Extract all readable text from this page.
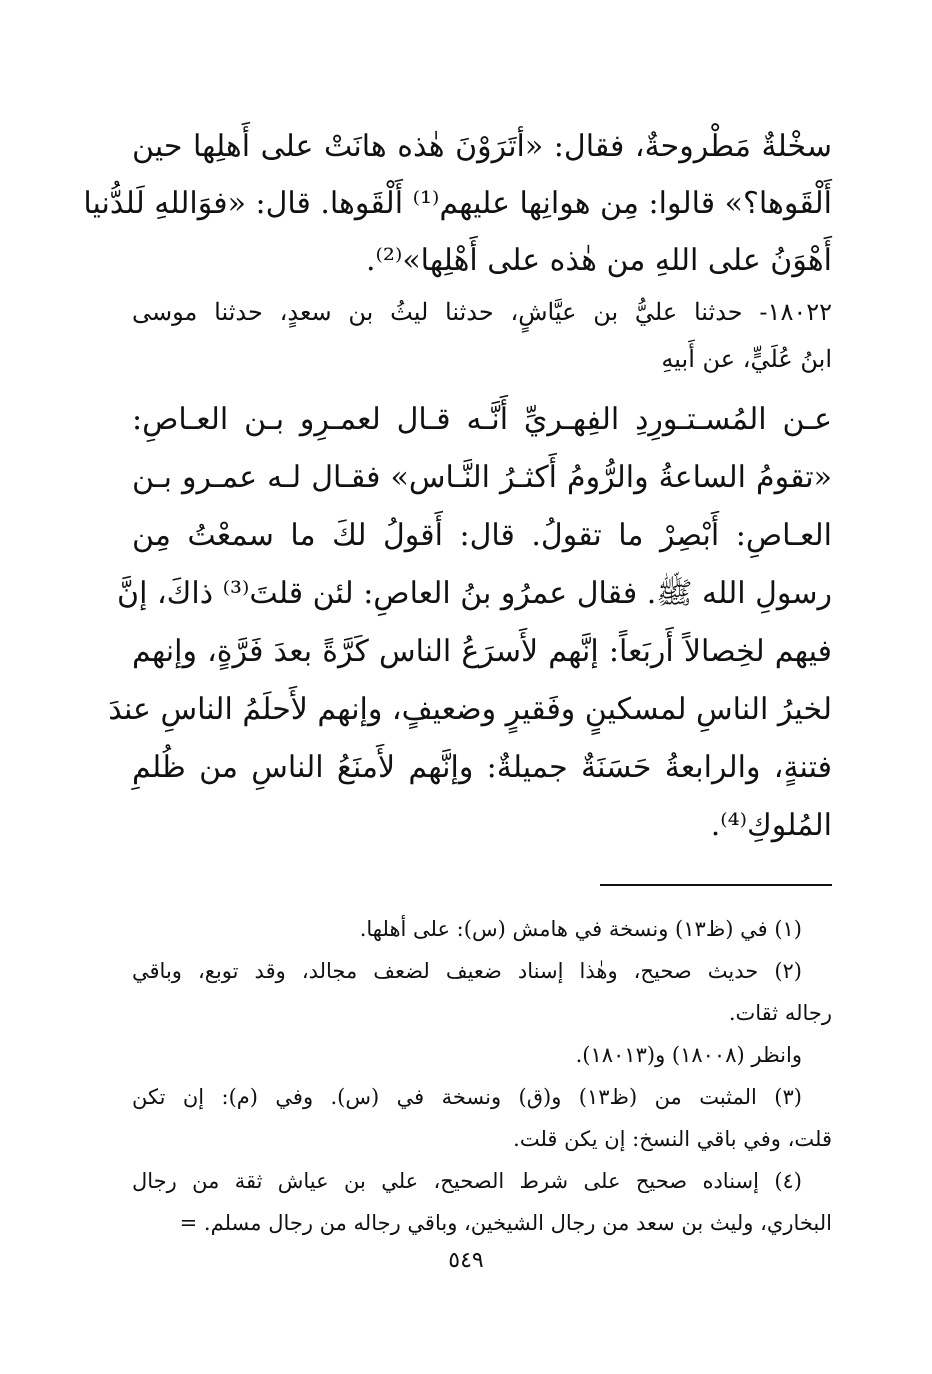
سخْلةٌ مَطْروحةٌ، فقال: «أتَرَوْنَ هٰذه هانَتْ على أَهلِها حين
أَلْقَوها؟» قالوا: مِن هوانِها عليهم⁽¹⁾ أَلْقَوها. قال: «فوَاللهِ لَلدُّنيا
أَهْوَنُ على اللهِ من هٰذه على أَهْلِها»⁽²⁾.
١٨٠٢٢- حدثنا عليُّ بن عيَّاشٍ، حدثنا ليثُ بن سعدٍ، حدثنا موسى
ابنُ عُلَيٍّ، عن أَبيهِ
عـن المُسـتـورِدِ الفِهـريِّ أَنَّـه قـال لعمـرِو بـن العـاصِ:
«تقومُ الساعةُ والرُّومُ أَكثـرُ النَّـاس» فقـال لـه عمـرو بـن
العـاصِ: أَبْصِرْ ما تقولُ. قال: أَقولُ لكَ ما سمعْتُ مِن
رسولِ الله ﷺ. فقال عمرُو بنُ العاصِ: لئن قلتَ⁽³⁾ ذاكَ، إنَّ
فيهم لخِصالاً أَربَعاً: إنَّهم لأَسرَعُ الناس كَرَّةً بعدَ فَرَّةٍ، وإنهم
لخيرُ الناسِ لمسكينٍ وفَقيرٍ وضعيفٍ، وإنهم لأَحلَمُ الناسِ عندَ
فتنةٍ، والرابعةُ حَسَنَةٌ جميلةٌ: وإنَّهم لأَمنَعُ الناسِ من ظُلمِ
المُلوكِ⁽⁴⁾.
(١) في (ظ١٣) ونسخة في هامش (س): على أهلها.
(٢) حديث صحيح، وهٰذا إسناد ضعيف لضعف مجالد، وقد توبع، وباقي
رجاله ثقات.
وانظر (١٨٠٠٨) و(١٨٠١٣).
(٣) المثبت من (ظ١٣) و(ق) ونسخة في (س). وفي (م): إن تكن
قلت، وفي باقي النسخ: إن يكن قلت.
(٤) إسناده صحيح على شرط الصحيح، علي بن عياش ثقة من رجال
البخاري، وليث بن سعد من رجال الشيخين، وباقي رجاله من رجال مسلم. =
٥٤٩
